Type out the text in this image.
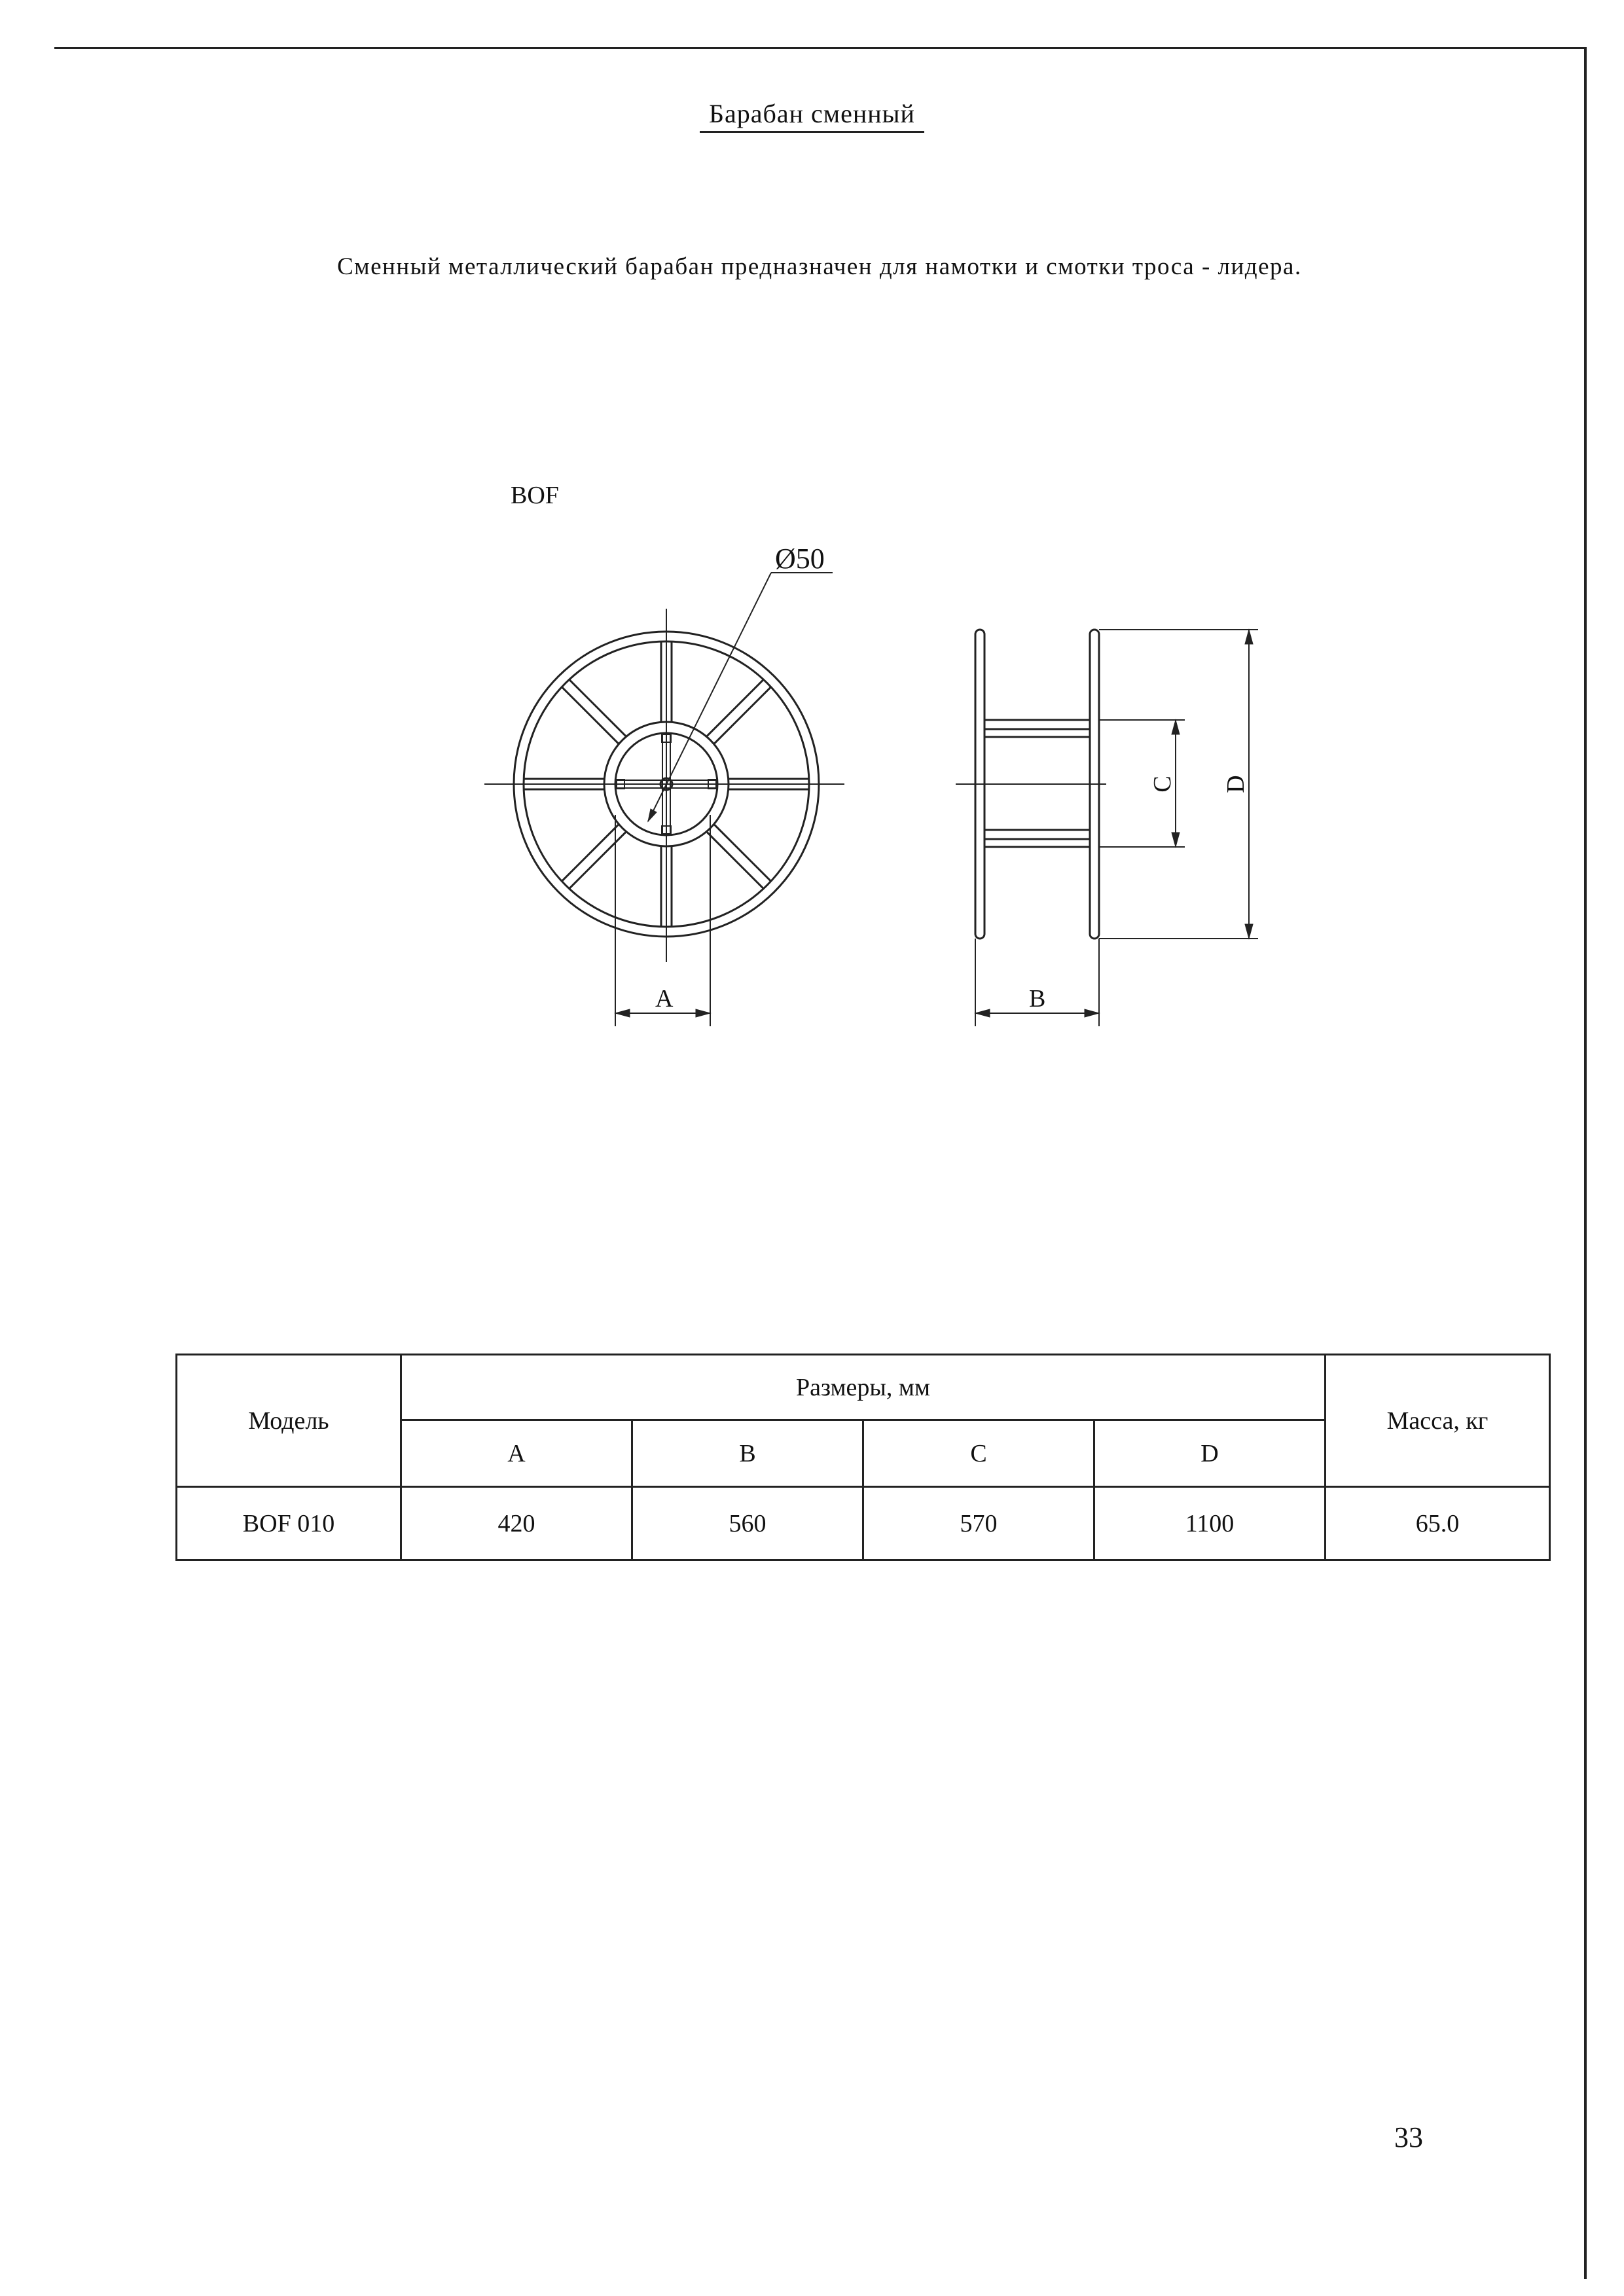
Барабан сменный
Сменный металлический барабан предназначен для намотки и смотки троса - лидера.
BOF
Ø50
A	B
C D
Модель	Размеры, мм				Масса, кг
	A	B	C	D	
BOF 010	420	560	570	1100	65.0
33
